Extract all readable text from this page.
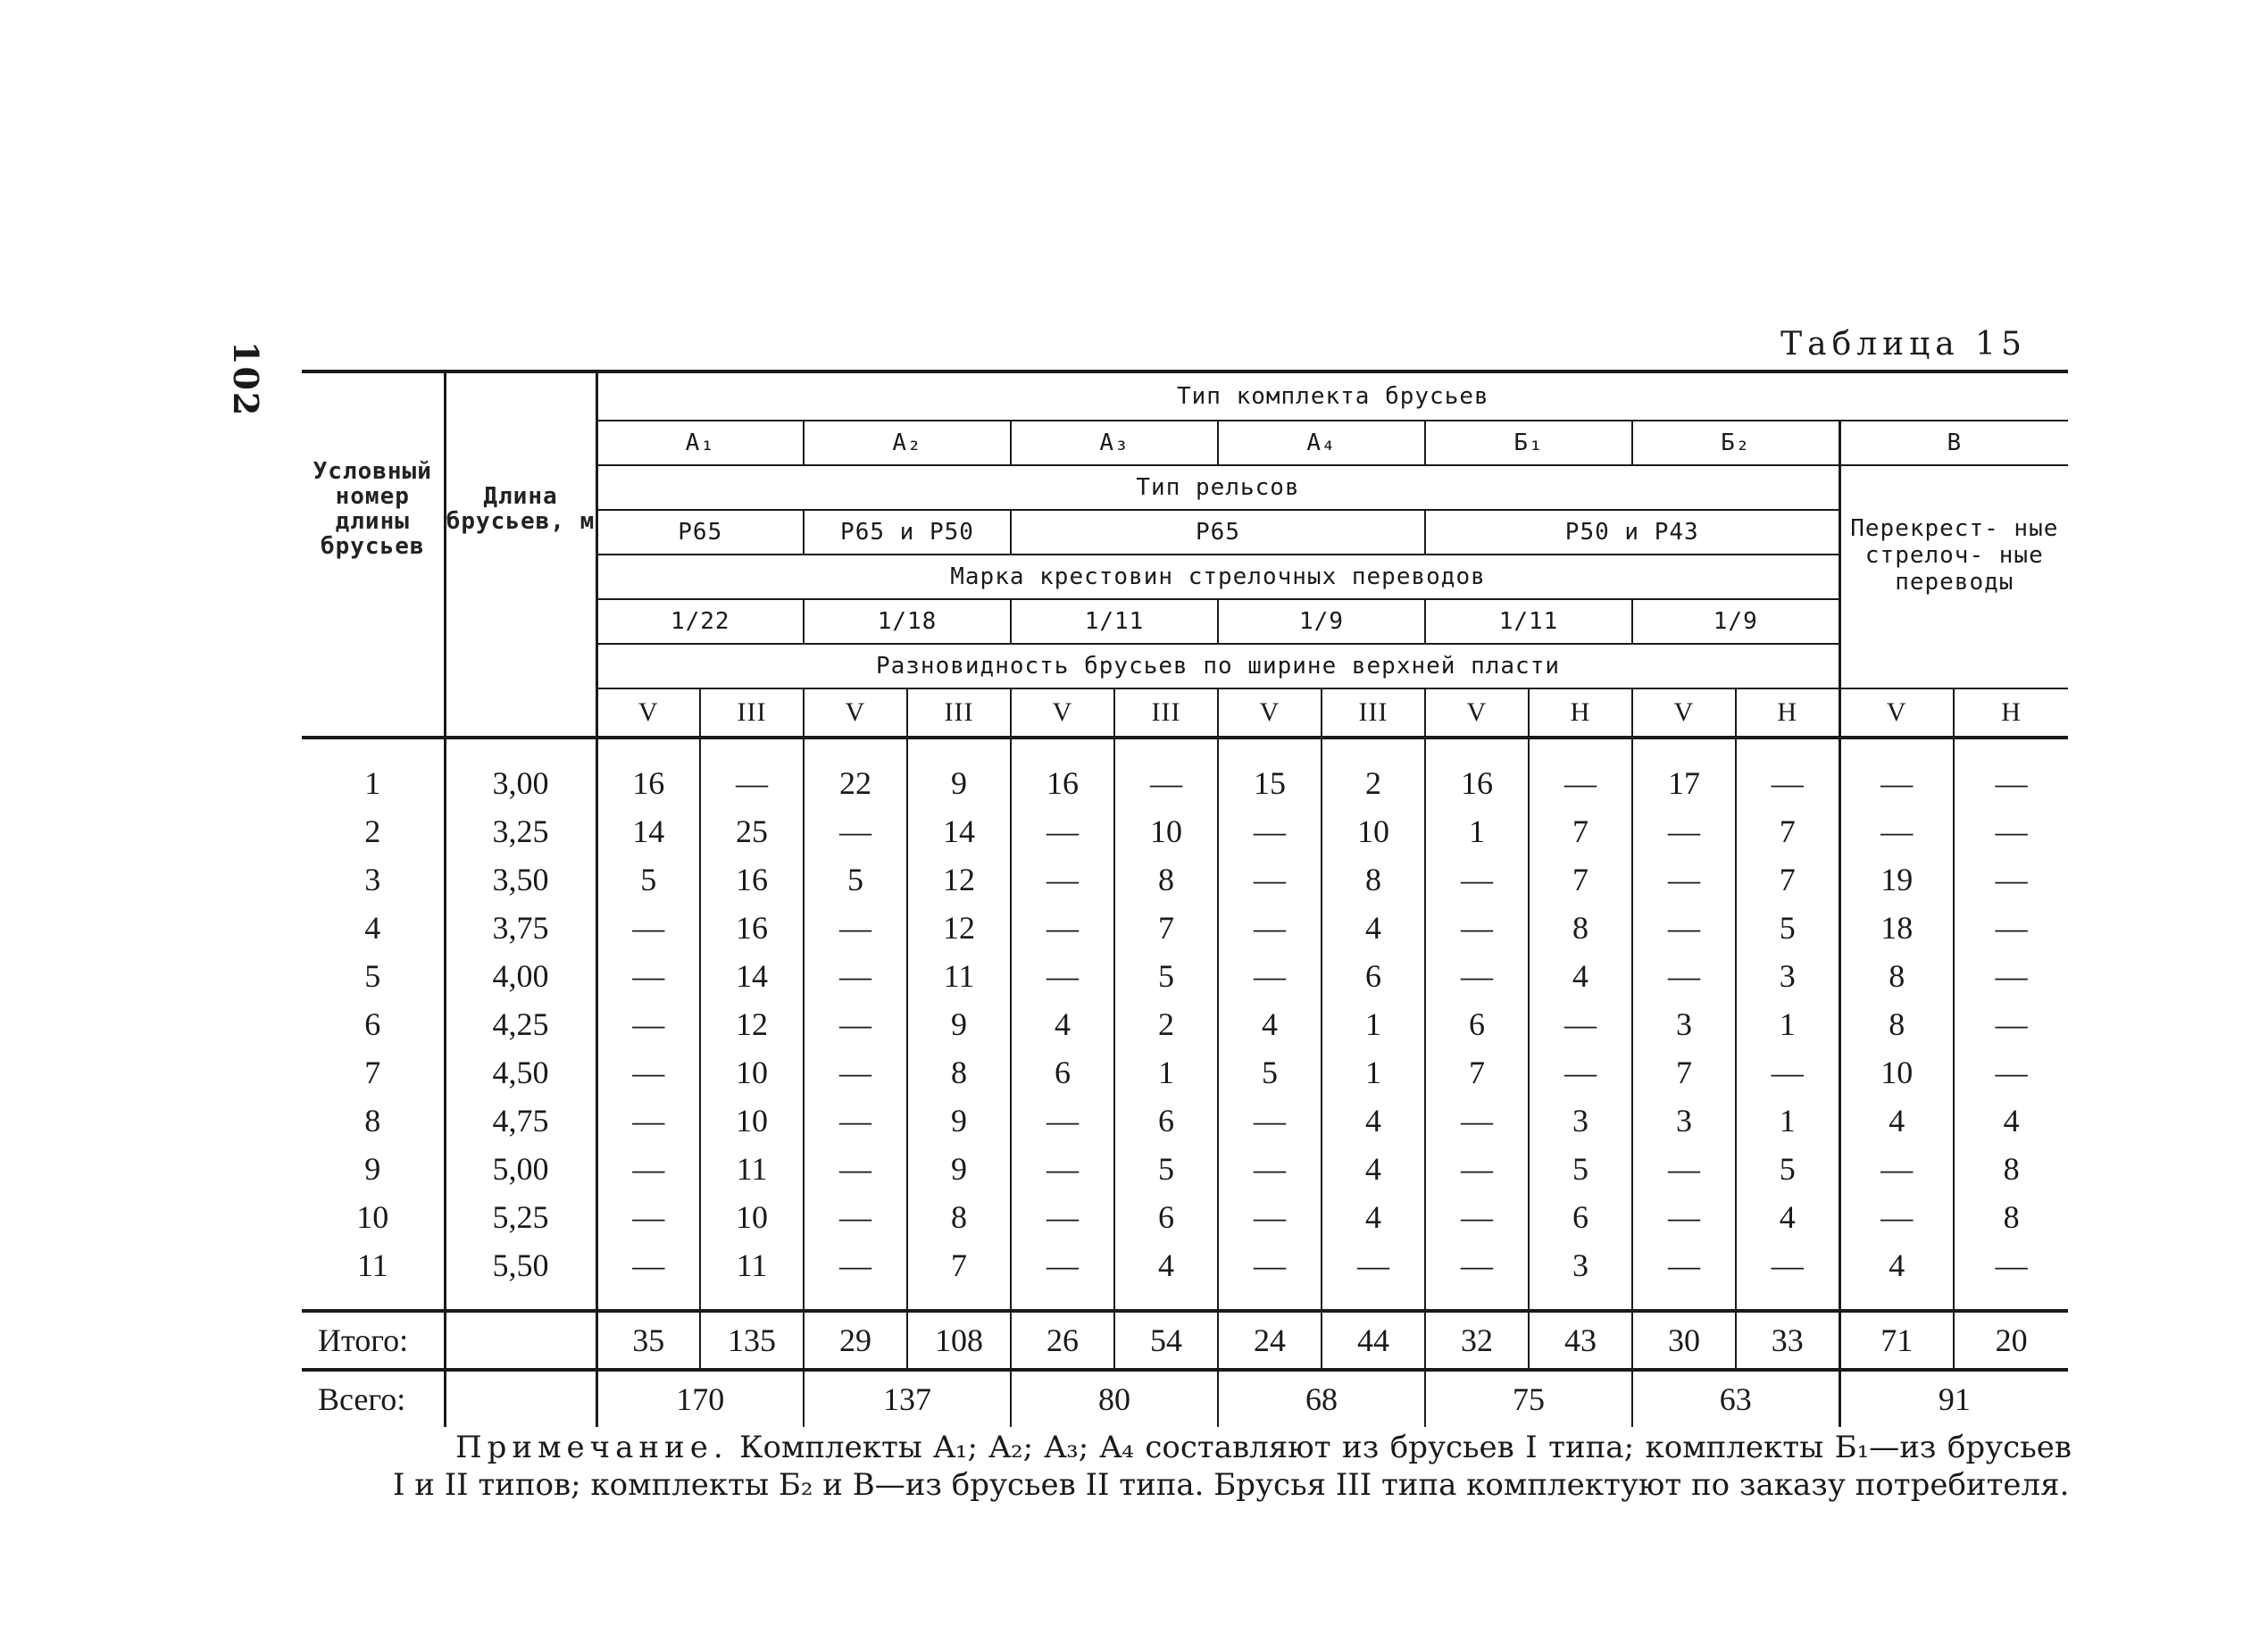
102	Таблица 15
Условный номер длины брусьев	Длина брусьев, м	Тип комплекта брусьев													
		A₁		A₂		A₃		A₄		Б₁		Б₂		В	
		Тип рельсов												Перекрест- ные стрелоч- ные переводы	
		Р65		Р65 и Р50		Р65				Р50 и Р43					
		Марка крестовин стрелочных переводов													
		1/22		1/18		1/11		1/9		1/11		1/9			
		Разновидность брусьев по ширине верхней пласти													
		V	III	V	III	V	III	V	III	V	Н	V	Н	V	Н
1	3,00	16	—	22	9	16	—	15	2	16	—	17	—	—	—
2	3,25	14	25	—	14	—	10	—	10	1	7	—	7	—	—
3	3,50	5	16	5	12	—	8	—	8	—	7	—	7	19	—
4	3,75	—	16	—	12	—	7	—	4	—	8	—	5	18	—
5	4,00	—	14	—	11	—	5	—	6	—	4	—	3	8	—
6	4,25	—	12	—	9	4	2	4	1	6	—	3	1	8	—
7	4,50	—	10	—	8	6	1	5	1	7	—	7	—	10	—
8	4,75	—	10	—	9	—	6	—	4	—	3	3	1	4	4
9	5,00	—	11	—	9	—	5	—	4	—	5	—	5	—	8
10	5,25	—	10	—	8	—	6	—	4	—	6	—	4	—	8
11	5,50	—	11	—	7	—	4	—	—	—	3	—	—	4	—
Итого:		35	135	29	108	26	54	24	44	32	43	30	33	71	20
Всего:		170		137		80		68		75		63		91	
Примечание. Комплекты A₁; A₂; A₃; A₄ составляют из брусьев I типа; комплекты Б₁—из брусьев I и II типов; комплекты Б₂ и В—из брусьев II типа. Брусья III типа комплектуют по заказу потребителя.
